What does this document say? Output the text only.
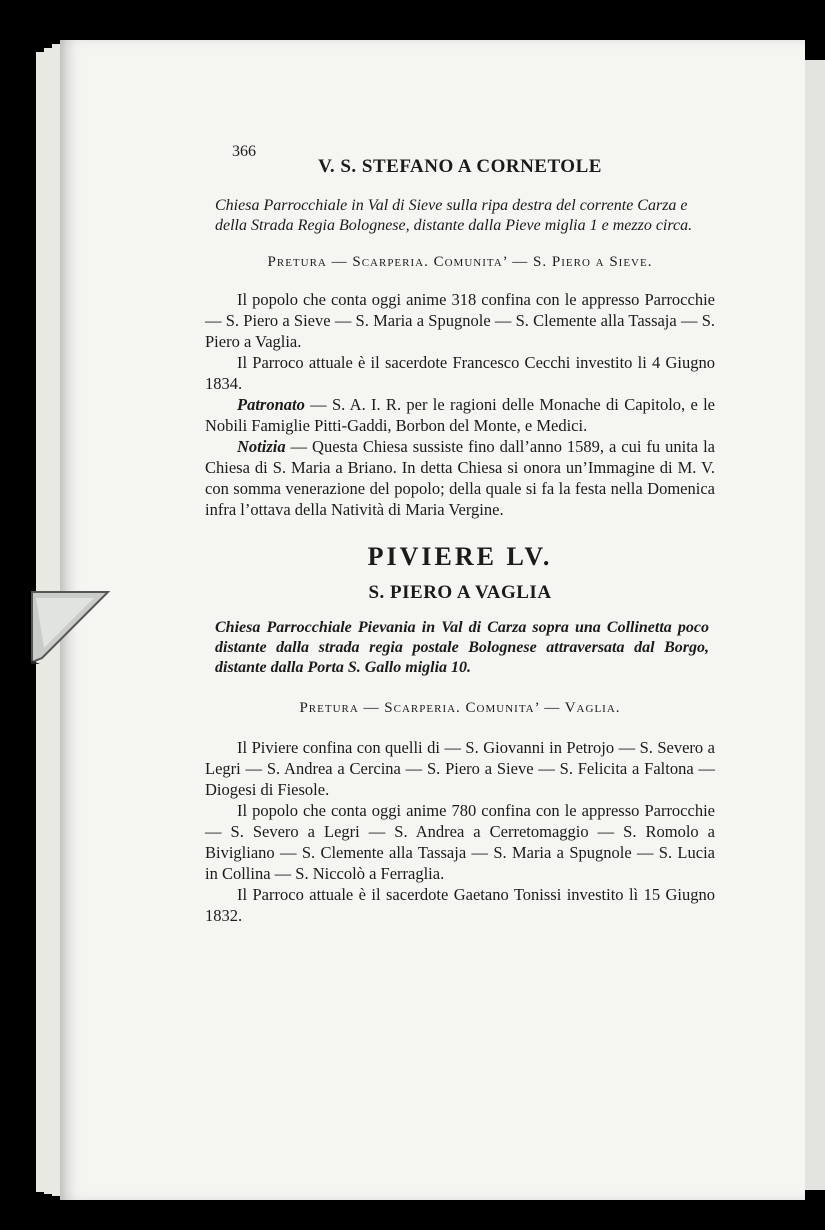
366
V. S. STEFANO A CORNETOLE
Chiesa Parrocchiale in Val di Sieve sulla ripa destra del corrente Carza e della Strada Regia Bolognese, distante dalla Pieve miglia 1 e mezzo circa.
Pretura — Scarperia. Comunita’ — S. Piero a Sieve.

Il popolo che conta oggi anime 318 confina con le appresso Parrocchie — S. Piero a Sieve — S. Maria a Spugnole — S. Clemente alla Tassaja — S. Piero a Vaglia.

Il Parroco attuale è il sacerdote Francesco Cecchi investito li 4 Giugno 1834.

Patronato — S. A. I. R. per le ragioni delle Monache di Capitolo, e le Nobili Famiglie Pitti-Gaddi, Borbon del Monte, e Medici.

Notizia — Questa Chiesa sussiste fino dall’anno 1589, a cui fu unita la Chiesa di S. Maria a Briano. In detta Chiesa si onora un’Immagine di M. V. con somma venerazione del popolo; della quale si fa la festa nella Domenica infra l’ottava della Natività di Maria Vergine.

PIVIERE LV.
S. PIERO A VAGLIA
Chiesa Parrocchiale Pievania in Val di Carza sopra una Collinetta poco distante dalla strada regia postale Bolognese attraversata dal Borgo, distante dalla Porta S. Gallo miglia 10.
Pretura — Scarperia. Comunita’ — Vaglia.

Il Piviere confina con quelli di — S. Giovanni in Petrojo — S. Severo a Legri — S. Andrea a Cercina — S. Piero a Sieve — S. Felicita a Faltona — Diogesi di Fiesole.

Il popolo che conta oggi anime 780 confina con le appresso Parrocchie — S. Severo a Legri — S. Andrea a Cerretomaggio — S. Romolo a Bivigliano — S. Clemente alla Tassaja — S. Maria a Spugnole — S. Lucia in Collina — S. Niccolò a Ferraglia.

Il Parroco attuale è il sacerdote Gaetano Tonissi investito lì 15 Giugno 1832.
